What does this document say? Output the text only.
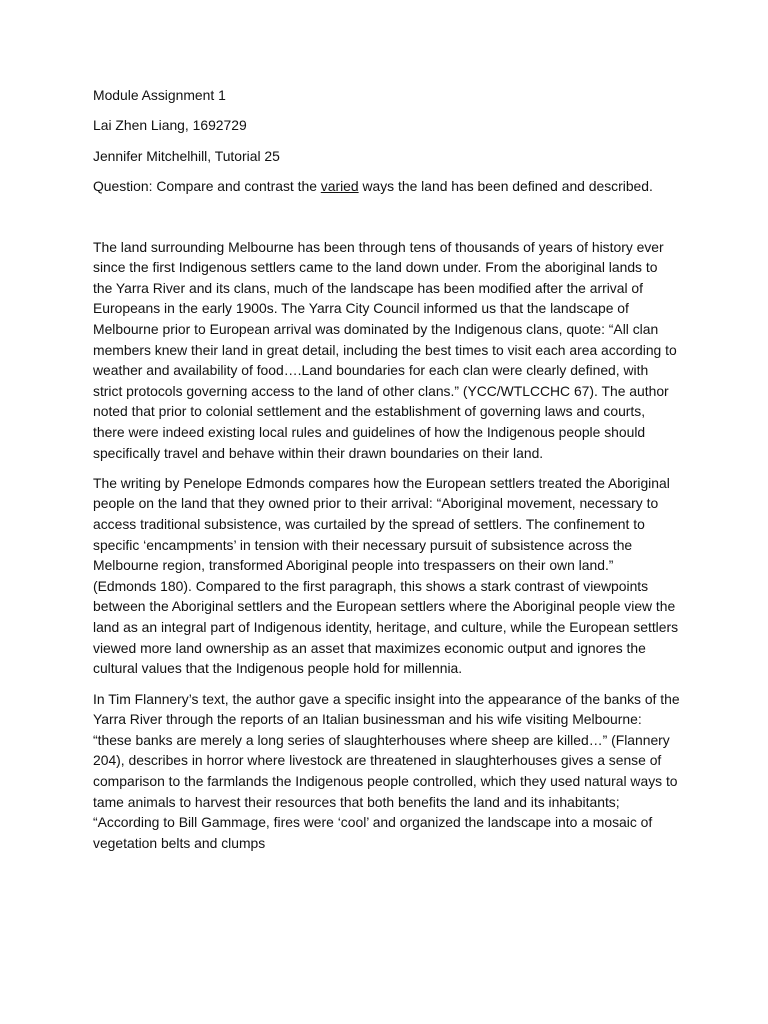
Module Assignment 1
Lai Zhen Liang, 1692729
Jennifer Mitchelhill, Tutorial 25
Question: Compare and contrast the varied ways the land has been defined and described.
The land surrounding Melbourne has been through tens of thousands of years of history ever since the first Indigenous settlers came to the land down under. From the aboriginal lands to the Yarra River and its clans, much of the landscape has been modified after the arrival of Europeans in the early 1900s. The Yarra City Council informed us that the landscape of Melbourne prior to European arrival was dominated by the Indigenous clans, quote: “All clan members knew their land in great detail, including the best times to visit each area according to weather and availability of food….Land boundaries for each clan were clearly defined, with strict protocols governing access to the land of other clans.” (YCC/WTLCCHC 67). The author noted that prior to colonial settlement and the establishment of governing laws and courts, there were indeed existing local rules and guidelines of how the Indigenous people should specifically travel and behave within their drawn boundaries on their land.
The writing by Penelope Edmonds compares how the European settlers treated the Aboriginal people on the land that they owned prior to their arrival: “Aboriginal movement, necessary to access traditional subsistence, was curtailed by the spread of settlers. The confinement to specific ‘encampments’ in tension with their necessary pursuit of subsistence across the Melbourne region, transformed Aboriginal people into trespassers on their own land.” (Edmonds 180). Compared to the first paragraph, this shows a stark contrast of viewpoints between the Aboriginal settlers and the European settlers where the Aboriginal people view the land as an integral part of Indigenous identity, heritage, and culture, while the European settlers viewed more land ownership as an asset that maximizes economic output and ignores the cultural values that the Indigenous people hold for millennia.
In Tim Flannery’s text, the author gave a specific insight into the appearance of the banks of the Yarra River through the reports of an Italian businessman and his wife visiting Melbourne: “these banks are merely a long series of slaughterhouses where sheep are killed…” (Flannery 204), describes in horror where livestock are threatened in slaughterhouses gives a sense of comparison to the farmlands the Indigenous people controlled, which they used natural ways to tame animals to harvest their resources that both benefits the land and its inhabitants; “According to Bill Gammage, fires were ‘cool’ and organized the landscape into a mosaic of vegetation belts and clumps
